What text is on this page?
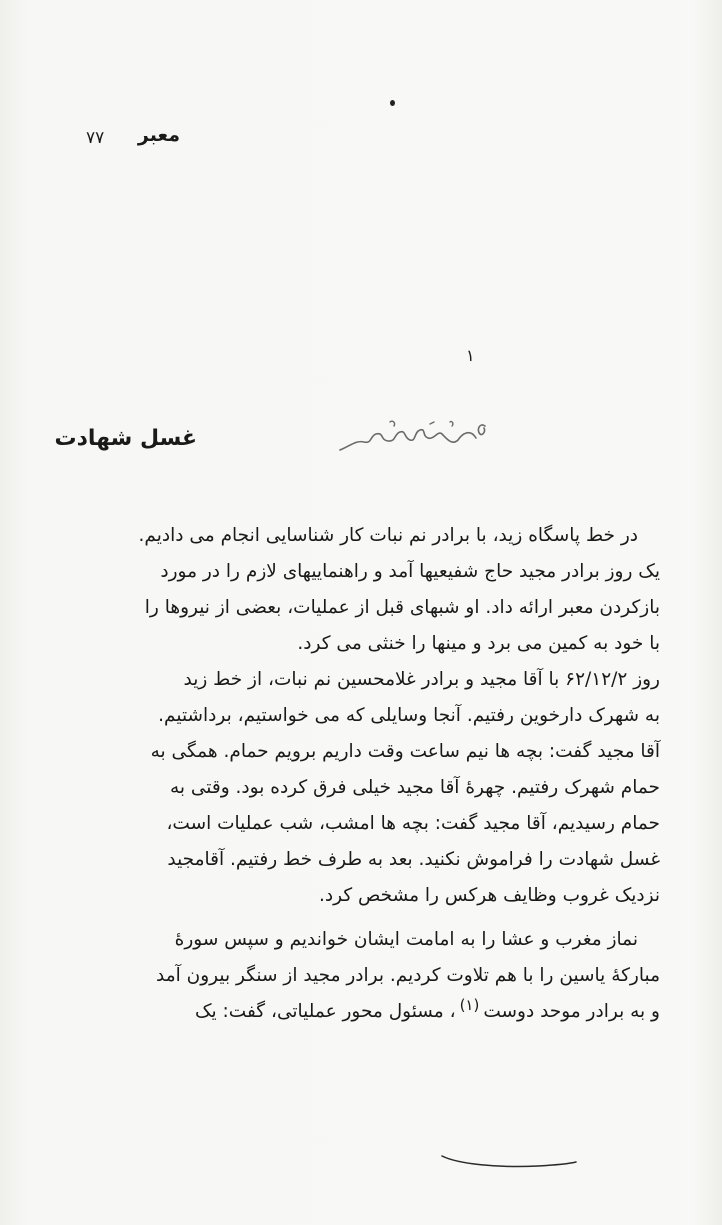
۷۷ معبر
۱
غسل شهادت
در خط پاسگاه زید، با برادر نم نبات کار شناسایی انجام می دادیم.
یک روز برادر مجید حاج شفیعیها آمد و راهنماییهای لازم را در مورد
بازکردن معبر ارائه داد. او شبهای قبل از عملیات، بعضی از نیروها را
با خود به کمین می برد و مینها را خنثی می کرد.
روز ۶۲/۱۲/۲ با آقا مجید و برادر غلامحسین نم نبات، از خط زید
به شهرک دارخوین رفتیم. آنجا وسایلی که می خواستیم، برداشتیم.
آقا مجید گفت: بچه ها نیم ساعت وقت داریم برویم حمام. همگی به
حمام شهرک رفتیم. چهرهٔ آقا مجید خیلی فرق کرده بود. وقتی به
حمام رسیدیم، آقا مجید گفت: بچه ها امشب، شب عملیات است،
غسل شهادت را فراموش نکنید. بعد به طرف خط رفتیم. آقامجید
نزدیک غروب وظایف هرکس را مشخص کرد.
نماز مغرب و عشا را به امامت ایشان خواندیم و سپس سورهٔ
مبارکهٔ یاسین را با هم تلاوت کردیم. برادر مجید از سنگر بیرون آمد
و به برادر موحد دوست$^{(۱)}$، مسئول محور عملیاتی، گفت: یک
